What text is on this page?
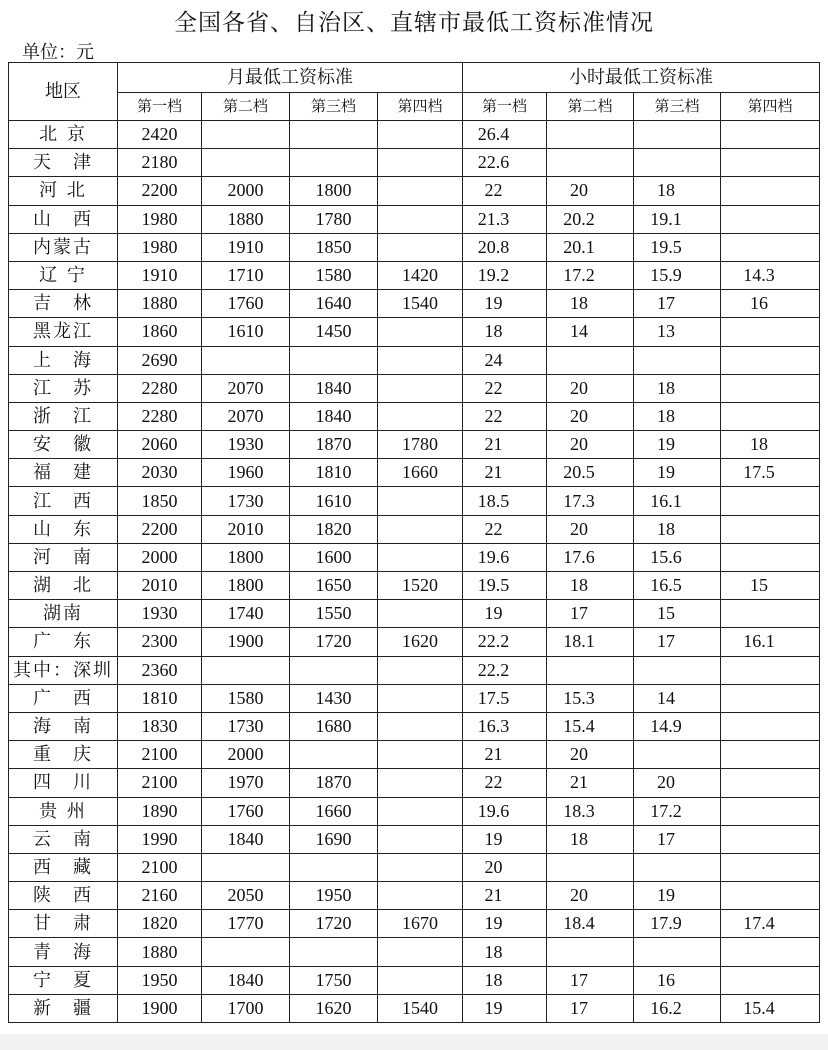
全国各省、自治区、直辖市最低工资标准情况
单位：元
地区	月最低工资标准				小时最低工资标准			
	第一档	第二档	第三档	第四档	第一档	第二档	第三档	第四档
北 京	2420				26.4			
天　津	2180				22.6			
河 北	2200	2000	1800		22	20	18	
山　西	1980	1880	1780		21.3	20.2	19.1	
内蒙古	1980	1910	1850		20.8	20.1	19.5	
辽 宁	1910	1710	1580	1420	19.2	17.2	15.9	14.3
吉　林	1880	1760	1640	1540	19	18	17	16
黑龙江	1860	1610	1450		18	14	13	
上　海	2690				24			
江　苏	2280	2070	1840		22	20	18	
浙　江	2280	2070	1840		22	20	18	
安　徽	2060	1930	1870	1780	21	20	19	18
福　建	2030	1960	1810	1660	21	20.5	19	17.5
江　西	1850	1730	1610		18.5	17.3	16.1	
山　东	2200	2010	1820		22	20	18	
河　南	2000	1800	1600		19.6	17.6	15.6	
湖　北	2010	1800	1650	1520	19.5	18	16.5	15
湖南	1930	1740	1550		19	17	15	
广　东	2300	1900	1720	1620	22.2	18.1	17	16.1
其中：深圳	2360				22.2			
广　西	1810	1580	1430		17.5	15.3	14	
海　南	1830	1730	1680		16.3	15.4	14.9	
重　庆	2100	2000			21	20		
四　川	2100	1970	1870		22	21	20	
贵 州	1890	1760	1660		19.6	18.3	17.2	
云　南	1990	1840	1690		19	18	17	
西　藏	2100				20			
陕　西	2160	2050	1950		21	20	19	
甘　肃	1820	1770	1720	1670	19	18.4	17.9	17.4
青　海	1880				18			
宁　夏	1950	1840	1750		18	17	16	
新　疆	1900	1700	1620	1540	19	17	16.2	15.4
